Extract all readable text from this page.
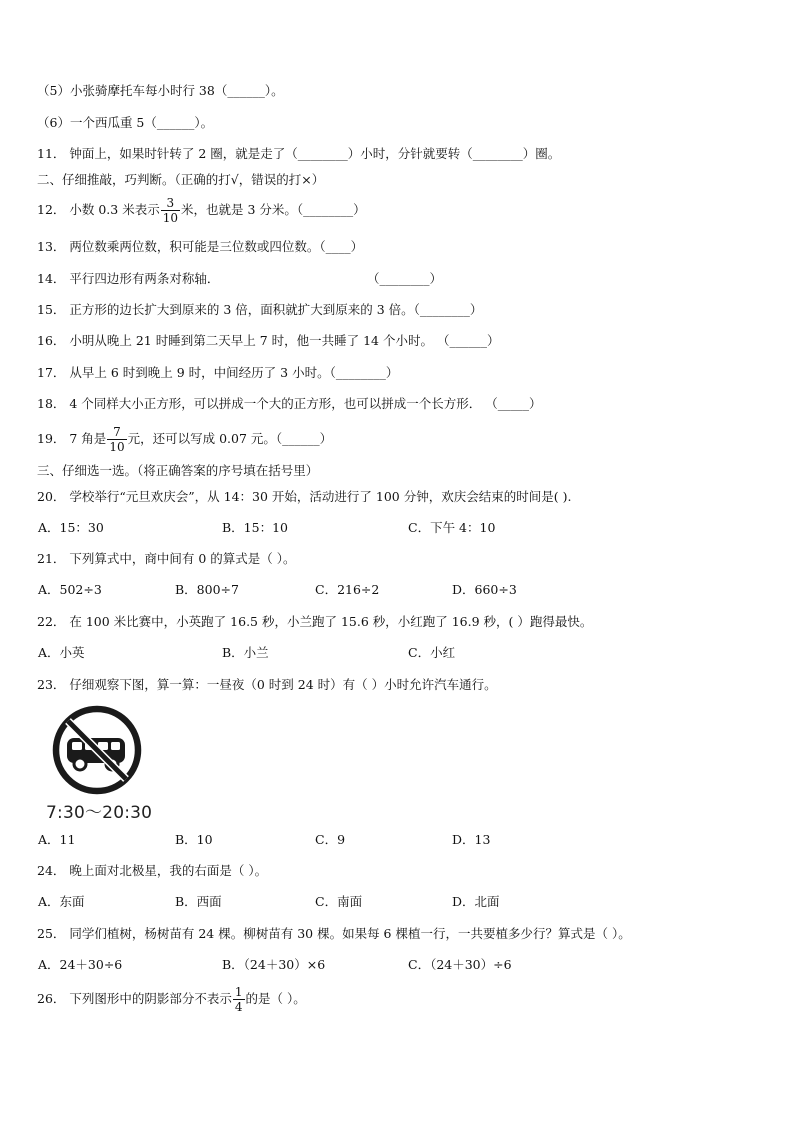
（5）小张骑摩托车每小时行 38（______）。
（6）一个西瓜重 5（______）。
11． 钟面上，如果时针转了 2 圈，就是走了（________）小时，分针就要转（________）圈。
二、仔细推敲，巧判断。（正确的打√，错误的打×）
12． 小数 0.3 米表示 $\frac{3}{10}$ 米，也就是 3 分米。（________）
13． 两位数乘两位数，积可能是三位数或四位数。（____）
14． 平行四边形有两条对称轴．	（________）
15． 正方形的边长扩大到原来的 3 倍，面积就扩大到原来的 3 倍。（________）
16． 小明从晚上 21 时睡到第二天早上 7 时，他一共睡了 14 个小时。 （______）
17． 从早上 6 时到晚上 9 时，中间经历了 3 小时。（________）
18． 4 个同样大小正方形，可以拼成一个大的正方形，也可以拼成一个长方形． （_____）
19． 7 角是 $\frac{7}{10}$ 元，还可以写成 0.07 元。（______）
三、仔细选一选。（将正确答案的序号填在括号里）
20． 学校举行“元旦欢庆会”，从 14：30 开始，活动进行了 100 分钟，欢庆会结束的时间是( ).
A．15：30	B．15：10	C．下午 4：10
21． 下列算式中，商中间有 0 的算式是（ ）。
A．502÷3	B．800÷7	C．216÷2	D．660÷3
22． 在 100 米比赛中，小英跑了 16.5 秒，小兰跑了 15.6 秒，小红跑了 16.9 秒，( ）跑得最快。
A．小英	B．小兰	C．小红
23． 仔细观察下图，算一算：一昼夜（0 时到 24 时）有（ ）小时允许汽车通行。
7:30～20:30
A．11	B．10	C．9	D．13
24． 晚上面对北极星，我的右面是（ ）。
A．东面	B．西面	C．南面	D．北面
25． 同学们植树，杨树苗有 24 棵。柳树苗有 30 棵。如果每 6 棵植一行，一共要植多少行？算式是（ ）。
A．24＋30÷6	B．（24＋30）×6	C．（24＋30）÷6
26． 下列图形中的阴影部分不表示 $\frac{1}{4}$ 的是（ ）。
